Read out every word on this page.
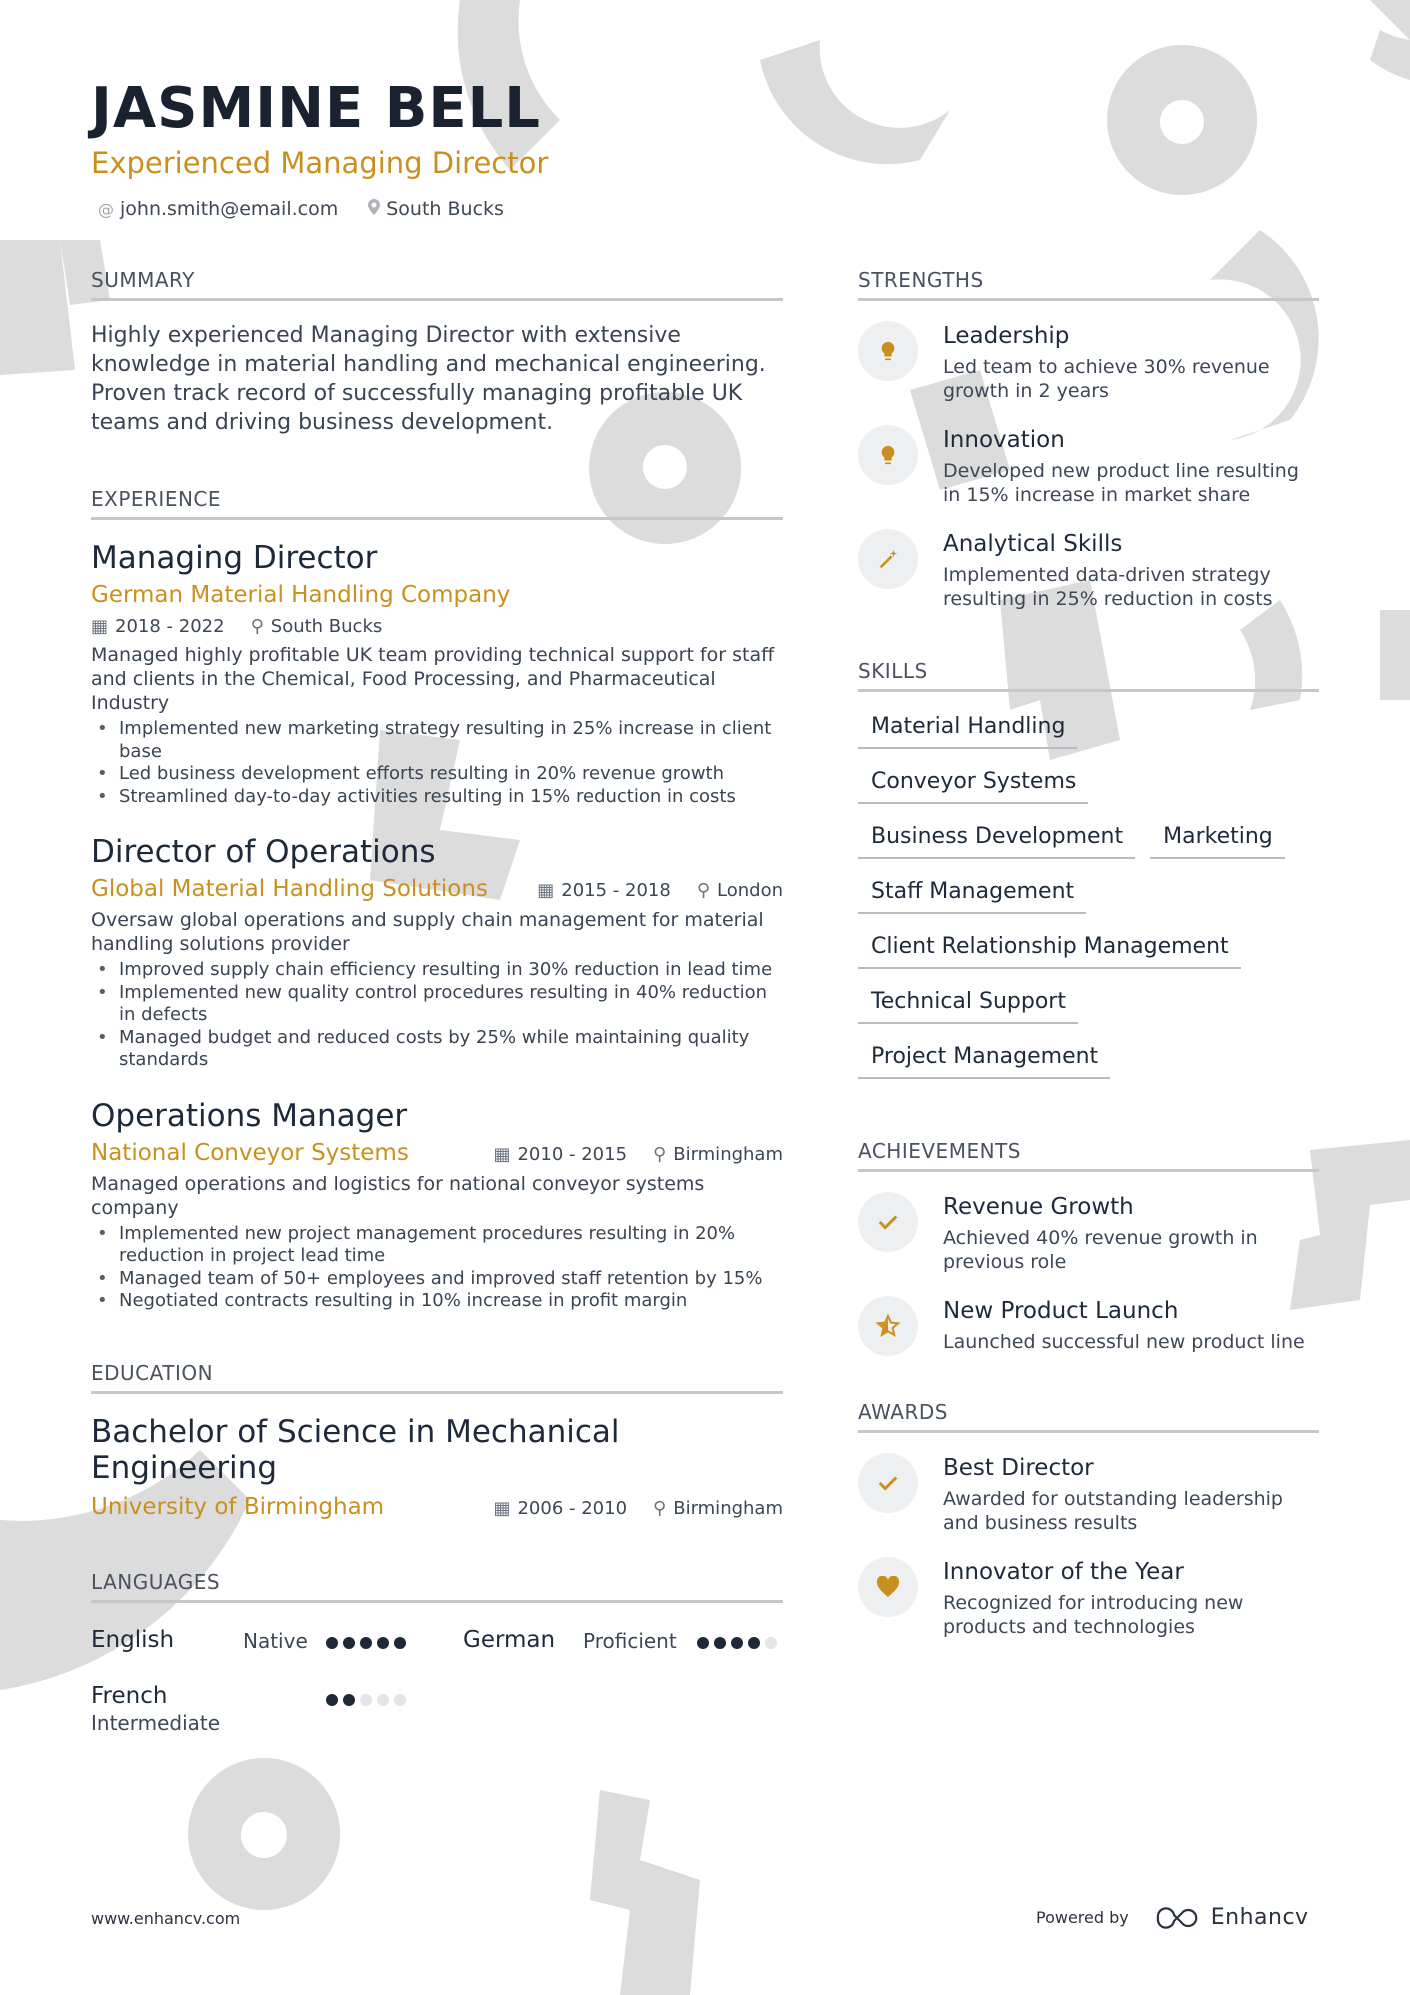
JASMINE BELL
Experienced Managing Director
@ john.smith@email.com	South Bucks
SUMMARY
Highly experienced Managing Director with extensive knowledge in material handling and mechanical engineering. Proven track record of successfully managing profitable UK teams and driving business development.
EXPERIENCE
Managing Director
German Material Handling Company
▦ 2018 - 2022 ⚲ South Bucks
Managed highly profitable UK team providing technical support for staff and clients in the Chemical, Food Processing, and Pharmaceutical Industry
• Implemented new marketing strategy resulting in 25% increase in client base
• Led business development efforts resulting in 20% revenue growth
• Streamlined day-to-day activities resulting in 15% reduction in costs
Director of Operations
Global Material Handling Solutions	▦ 2015 - 2018 ⚲ London
Oversaw global operations and supply chain management for material handling solutions provider
• Improved supply chain efficiency resulting in 30% reduction in lead time
• Implemented new quality control procedures resulting in 40% reduction in defects
• Managed budget and reduced costs by 25% while maintaining quality standards
Operations Manager
National Conveyor Systems	▦ 2010 - 2015 ⚲ Birmingham
Managed operations and logistics for national conveyor systems company
• Implemented new project management procedures resulting in 20% reduction in project lead time
• Managed team of 50+ employees and improved staff retention by 15%
• Negotiated contracts resulting in 10% increase in profit margin
EDUCATION
Bachelor of Science in Mechanical Engineering
University of Birmingham	▦ 2006 - 2010 ⚲ Birmingham
LANGUAGES
English	Native	German Proficient
French
Intermediate
STRENGTHS
Leadership
Led team to achieve 30% revenue growth in 2 years
Innovation
Developed new product line resulting in 15% increase in market share
Analytical Skills
Implemented data-driven strategy resulting in 25% reduction in costs
SKILLS
Material Handling
Conveyor Systems
Business Development	Marketing
Staff Management
Client Relationship Management
Technical Support
Project Management
ACHIEVEMENTS
Revenue Growth
Achieved 40% revenue growth in previous role
New Product Launch
Launched successful new product line
AWARDS
Best Director
Awarded for outstanding leadership and business results
Innovator of the Year
Recognized for introducing new products and technologies
www.enhancv.com	Powered by	Enhancv
